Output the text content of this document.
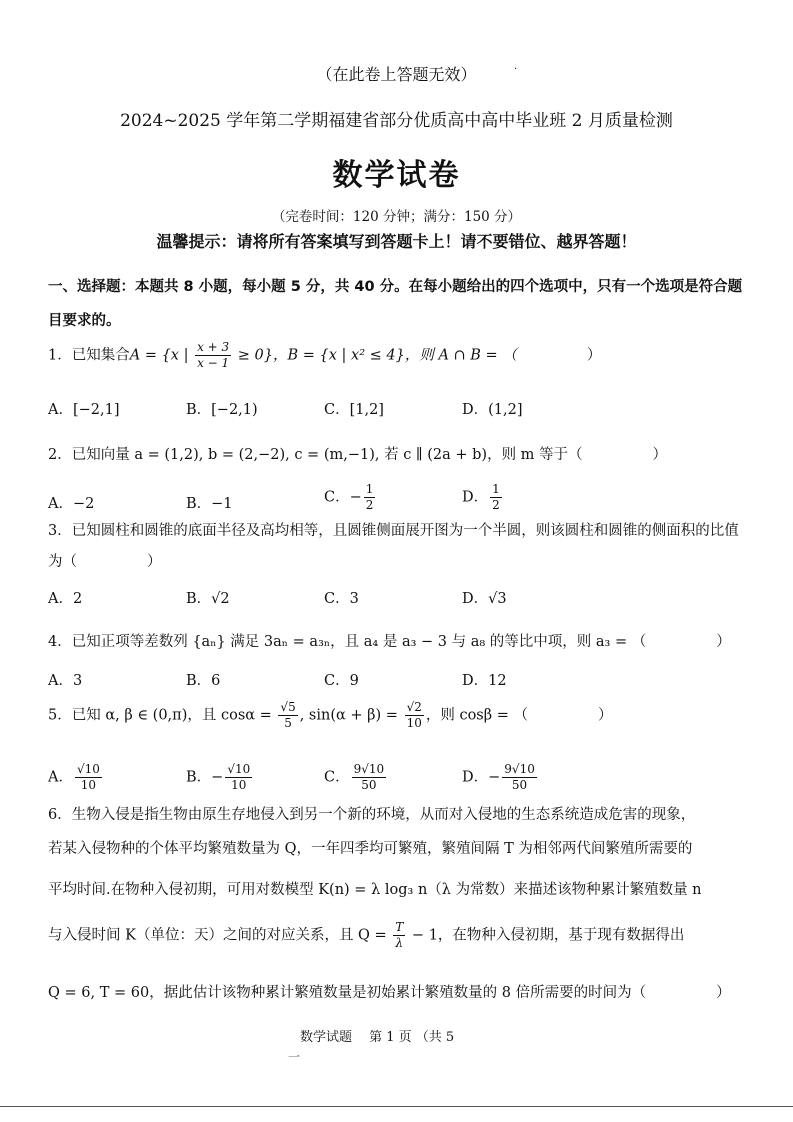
（在此卷上答题无效）	·
2024~2025 学年第二学期福建省部分优质高中高中毕业班 2 月质量检测
数学试卷
（完卷时间：120 分钟；满分：150 分）
温馨提示：请将所有答案填写到答题卡上！请不要错位、越界答题！
一、选择题：本题共 8 小题，每小题 5 分，共 40 分。在每小题给出的四个选项中，只有一个选项是符合题目要求的。
1．已知集合A = {x | $\frac{x + 3}{x - 1} \ge 0$}，B = {x | x² ≤ 4}，则 A ∩ B = （	）
A．[−2,1]	B．[−2,1)	C．[1,2]	D．(1,2]
2．已知向量 a = (1,2), b = (2,−2), c = (m,−1), 若 c ∥ (2a + b)，则 m 等于（	）
A．−2	B．−1	C．− $\frac{1}{2}$	D． $\frac{1}{2}$
3．已知圆柱和圆锥的底面半径及高均相等，且圆锥侧面展开图为一个半圆，则该圆柱和圆锥的侧面积的比值为（	）
A．2	B．√2	C．3	D．√3
4．已知正项等差数列 {aₙ} 满足 3aₙ = a₃ₙ，且 a₄ 是 a₃ − 3 与 a₈ 的等比中项，则 a₃ = （	）
A．3	B．6	C．9	D．12
5．已知 α, β ∈ (0,π)，且 $\cos\alpha = \frac{√5}{5}$ , $\sin(\alpha + \beta) = \frac{√2}{10}$ ，则 cosβ = （	）
A． $\frac{√10}{10}$	B．− $\frac{√10}{10}$	C． $\frac{9√10}{50}$	D．− $\frac{9√10}{50}$
6．生物入侵是指生物由原生存地侵入到另一个新的环境，从而对入侵地的生态系统造成危害的现象，
若某入侵物种的个体平均繁殖数量为 Q，一年四季均可繁殖，繁殖间隔 T 为相邻两代间繁殖所需要的
平均时间.在物种入侵初期，可用对数模型 K(n) = λ log₃ n（λ 为常数）来描述该物种累计繁殖数量 n
与入侵时间 K（单位：天）之间的对应关系，且 $Q = \frac{T}{\lambda} - 1$，在物种入侵初期，基于现有数据得出
Q = 6, T = 60，据此估计该物种累计繁殖数量是初始累计繁殖数量的 8 倍所需要的时间为（	）
数学试题　 第 1 页 （共 5
一
